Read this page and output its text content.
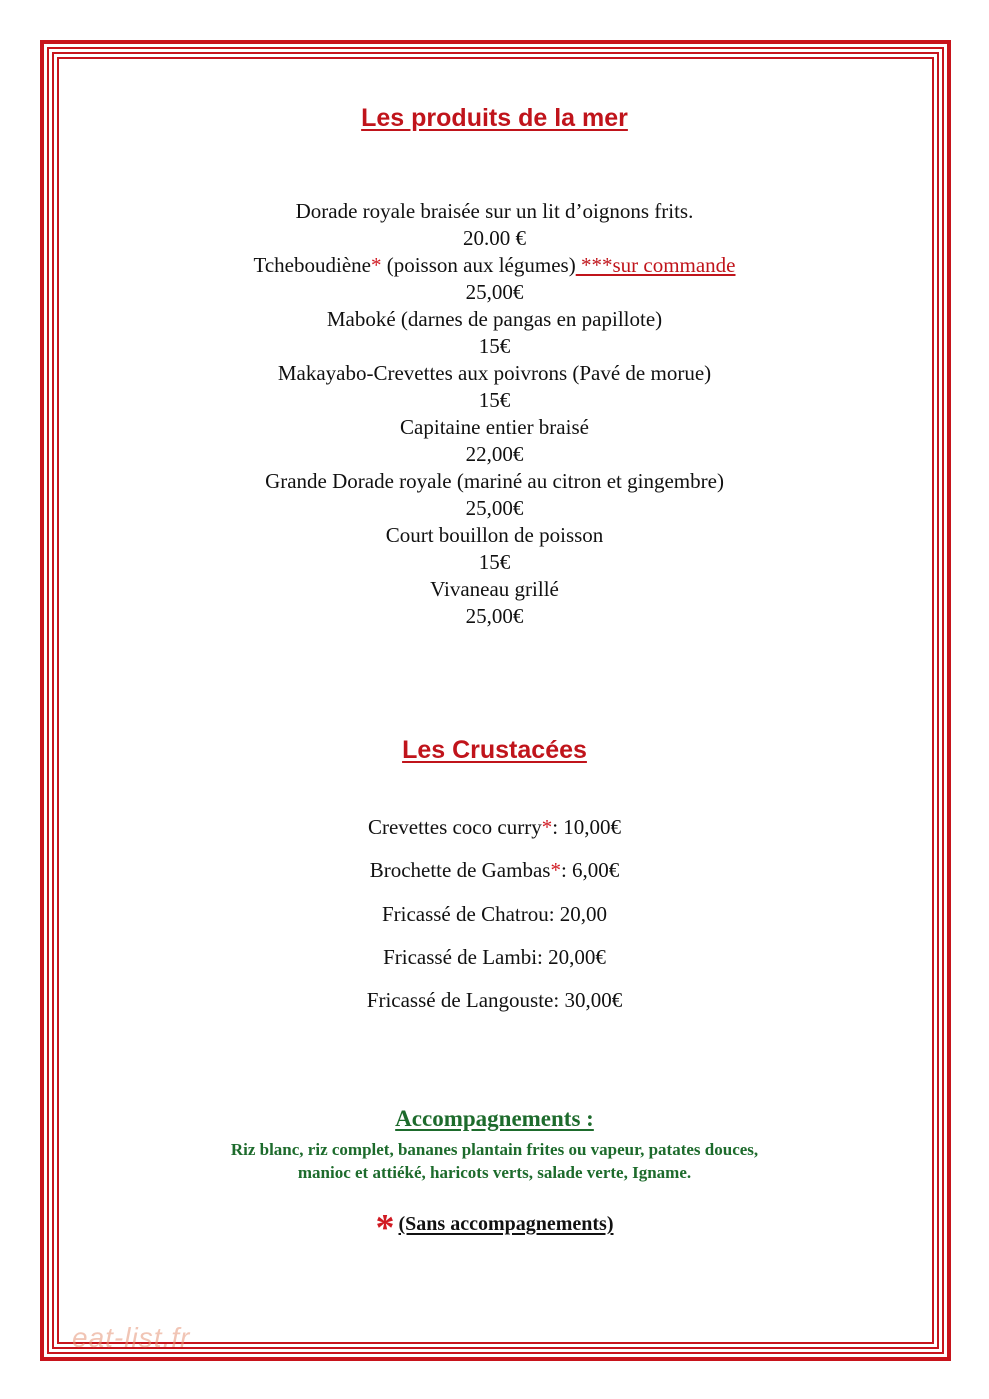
Les produits de la mer
Dorade royale braisée sur un lit d’oignons frits.
20.00 €
Tcheboudiène* (poisson aux légumes) ***sur commande
25,00€
Maboké (darnes de pangas en papillote)
15€
Makayabo-Crevettes aux poivrons (Pavé de morue)
15€
Capitaine entier braisé
22,00€
Grande Dorade royale (mariné au citron et gingembre)
25,00€
Court bouillon de poisson
15€
Vivaneau grillé
25,00€
Les Crustacées
Crevettes coco curry*: 10,00€
Brochette de Gambas*: 6,00€
Fricassé de Chatrou: 20,00
Fricassé de Lambi: 20,00€
Fricassé de Langouste: 30,00€
Accompagnements :
Riz blanc, riz complet, bananes plantain frites ou vapeur, patates douces,
manioc et attiéké, haricots verts, salade verte, Igname.
* (Sans accompagnements)
eat-list.fr
